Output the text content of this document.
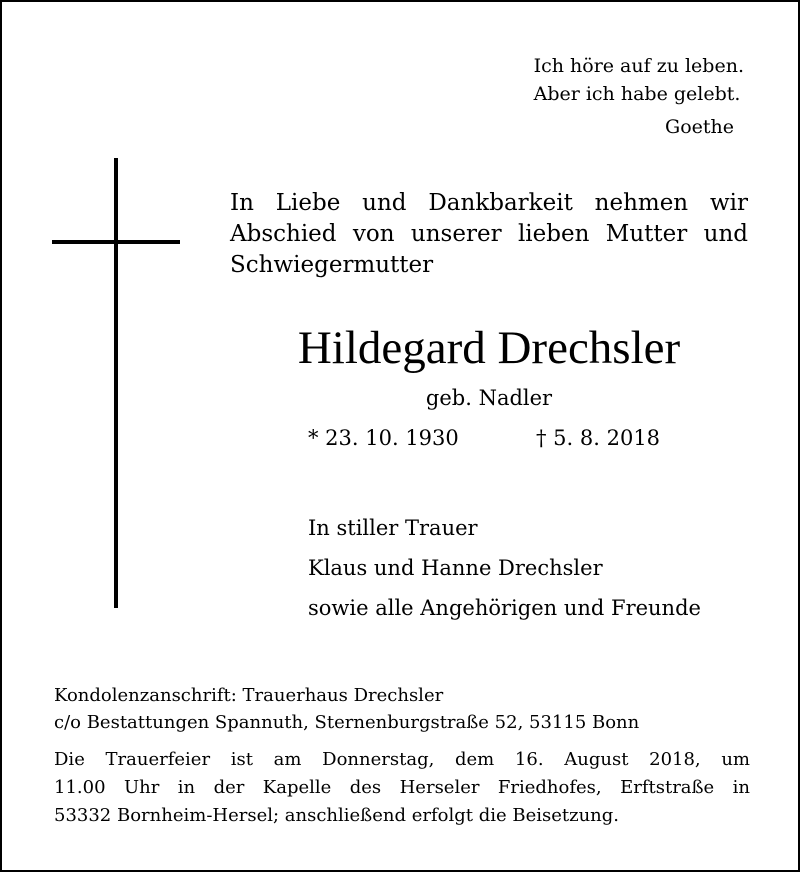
Ich höre auf zu leben.
Aber ich habe gelebt.
Goethe
In Liebe und Dankbarkeit nehmen wir
Abschied von unserer lieben Mutter und
Schwiegermutter
Hildegard Drechsler
geb. Nadler
* 23. 10. 1930	† 5. 8. 2018
In stiller Trauer
Klaus und Hanne Drechsler
sowie alle Angehörigen und Freunde
Kondolenzanschrift: Trauerhaus Drechsler
c/o Bestattungen Spannuth, Sternenburgstraße 52, 53115 Bonn
Die Trauerfeier ist am Donnerstag, dem 16. August 2018, um
11.00 Uhr in der Kapelle des Herseler Friedhofes, Erftstraße in
53332 Bornheim-Hersel; anschließend erfolgt die Beisetzung.
